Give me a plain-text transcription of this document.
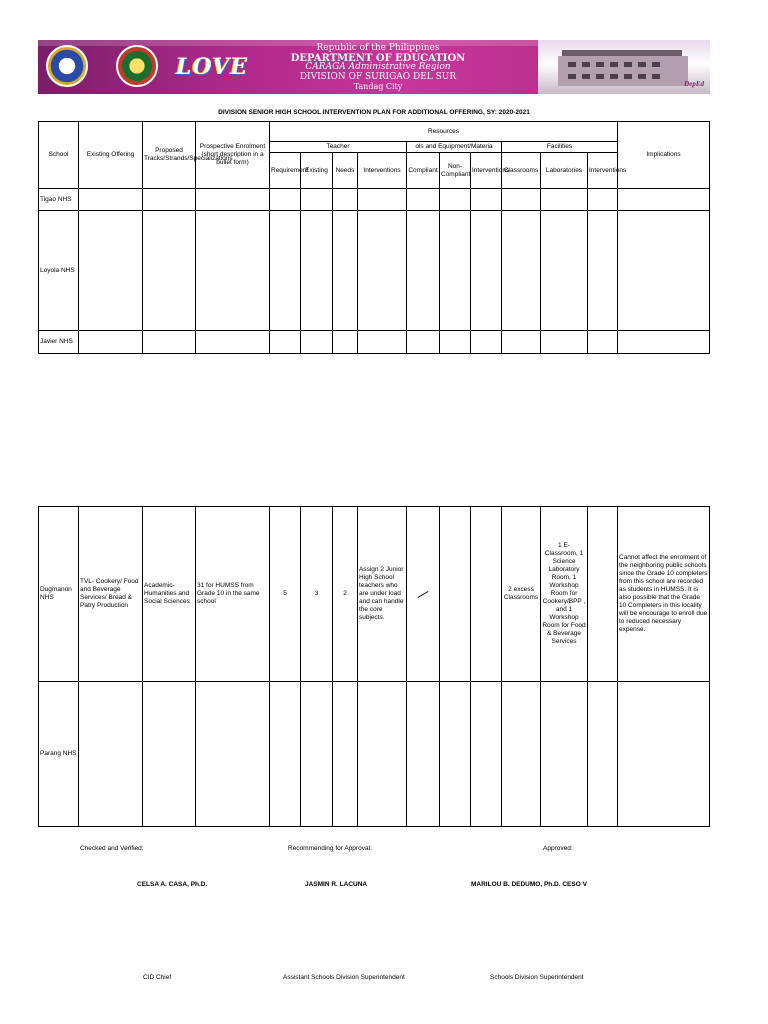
LOVE
Republic of the Philippines
DEPARTMENT OF EDUCATION
CARAGA Administrative Region
DIVISION OF SURIGAO DEL SUR
Tandag City	DepEd
DIVISION SENIOR HIGH SCHOOL INTERVENTION PLAN FOR ADDITIONAL OFFERING, SY: 2020-2021
School	Existing Offering	Proposed Tracks/Strands/Specializations	Prospective Enrolment (short description in a bullet form)	Resources										Implications
				Teacher				ols and Equipment/Materia			Facilities			
				Requirement	Existing	Needs	Interventions	Compliant	Non-Compliant	Interventions	Classrooms	Laboratories	Interventions	
Tigao NHS														
Loyola NHS														
Javier NHS														
Dugmanon NHS	TVL- Cookery/ Food and Beverage Services/ Bread & Patry Production	Academic-Humanities and Social Sciences	31 for HUMSS from Grade 10 in the same school	5	3	2	Assign 2 Junior High School teachers who are under load and can handle the core subjects.				2 excess Classrooms	1 E-Classroom, 1 Science Laboratory Room, 1 Workshop Room for Cookery/BPP , and 1 Workshop Room for Food & Beverage Services		Cannot affect the enrolment of the neighboring public schools since the Grade 10 completers from this school are recorded as students in HUMSS. It is also possible that the Grade 10 Completers in this locality will be encourage to enroll due to reduced necessary expense.
Parang NHS														
Checked and Verified:	Recommending for Approval:	Approved:
CELSA A. CASA, Ph.D.	JASMIN R. LACUNA	MARILOU B. DEDUMO, Ph.D. CESO V
CID Chief	Assistant Schools Division Superintendent	Schools Division Superintendent
